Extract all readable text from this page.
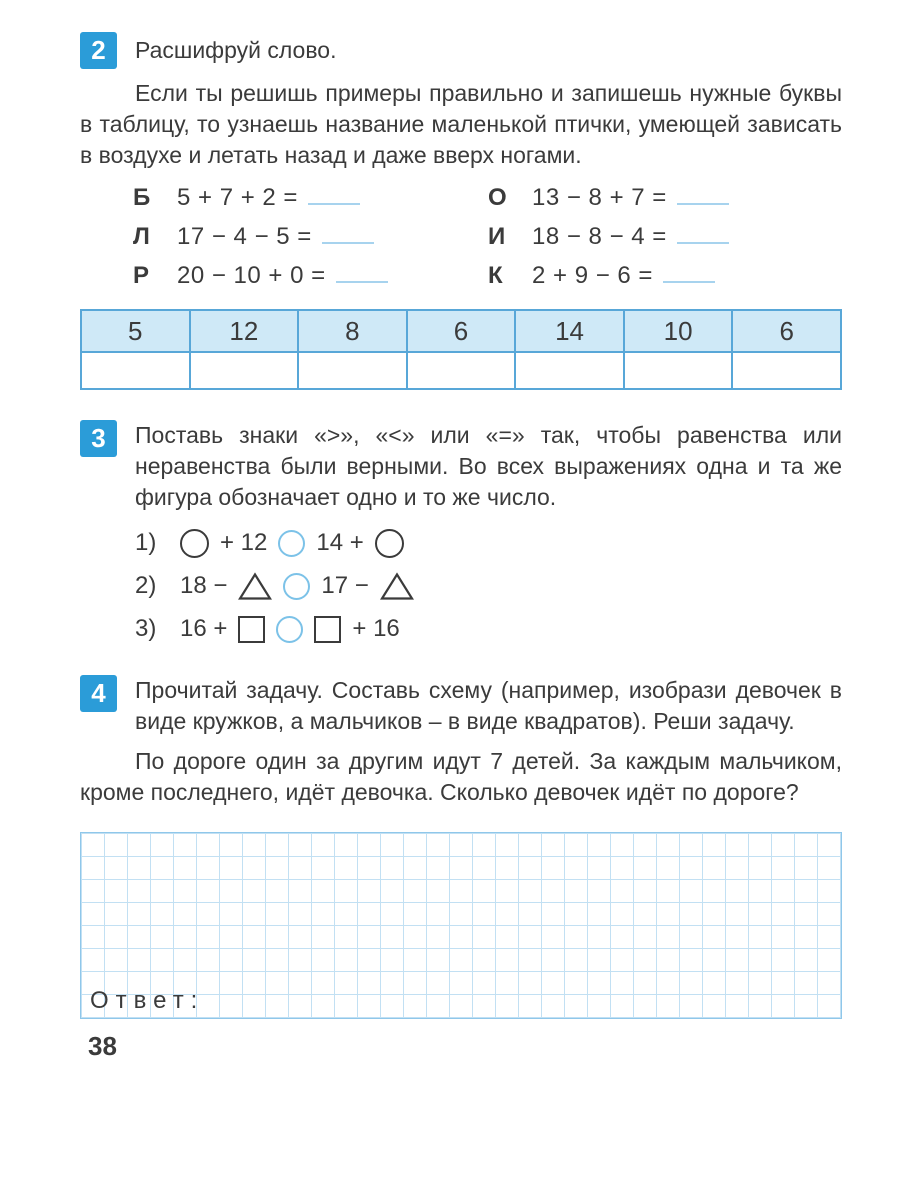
2	Расшифруй слово.

Если ты решишь примеры правильно и запишешь нужные буквы в таблицу, то узнаешь название маленькой птички, умеющей зависать в воздухе и летать назад и даже вверх ногами.

Б	5 + 7 + 2 =
Л	17 − 4 − 5 =
Р	20 − 10 + 0 =
О	13 − 8 + 7 =
И	18 − 8 − 4 =
К	2 + 9 − 6 =
5	12	8	6	14	10	6

3	Поставь знаки «>», «<» или «=» так, чтобы равенства или неравенства были верными. Во всех выражениях одна и та же фигура обозначает одно и то же число.
1)	+ 12 14 +
2) 18 −	17 −
3) 16 +	+ 16
4	Прочитай задачу. Составь схему (например, изобрази девочек в виде кружков, а мальчиков – в виде квадратов). Реши задачу.

По дороге один за другим идут 7 детей. За каждым мальчиком, кроме последнего, идёт девочка. Сколько девочек идёт по дороге?

Ответ:
38
